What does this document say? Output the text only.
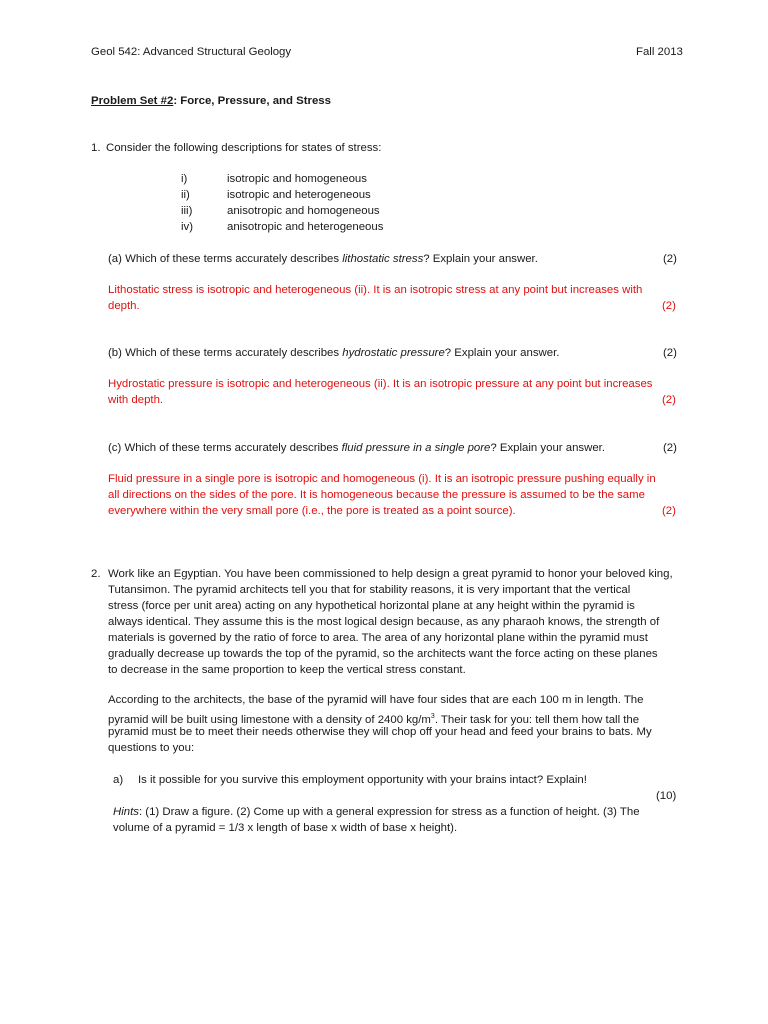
Geol 542: Advanced Structural Geology	Fall 2013
Problem Set #2: Force, Pressure, and Stress
1. Consider the following descriptions for states of stress:
i)	isotropic and homogeneous
ii)	isotropic and heterogeneous
iii)	anisotropic and homogeneous
iv)	anisotropic and heterogeneous
(a) Which of these terms accurately describes lithostatic stress? Explain your answer.	(2)
Lithostatic stress is isotropic and heterogeneous (ii). It is an isotropic stress at any point but increases with
depth.	(2)
(b) Which of these terms accurately describes hydrostatic pressure? Explain your answer.	(2)
Hydrostatic pressure is isotropic and heterogeneous (ii). It is an isotropic pressure at any point but increases
with depth.	(2)
(c) Which of these terms accurately describes fluid pressure in a single pore? Explain your answer.	(2)
Fluid pressure in a single pore is isotropic and homogeneous (i). It is an isotropic pressure pushing equally in
all directions on the sides of the pore. It is homogeneous because the pressure is assumed to be the same
everywhere within the very small pore (i.e., the pore is treated as a point source).	(2)
2. Work like an Egyptian. You have been commissioned to help design a great pyramid to honor your beloved king,
Tutansimon. The pyramid architects tell you that for stability reasons, it is very important that the vertical
stress (force per unit area) acting on any hypothetical horizontal plane at any height within the pyramid is
always identical. They assume this is the most logical design because, as any pharaoh knows, the strength of
materials is governed by the ratio of force to area. The area of any horizontal plane within the pyramid must
gradually decrease up towards the top of the pyramid, so the architects want the force acting on these planes
to decrease in the same proportion to keep the vertical stress constant.
According to the architects, the base of the pyramid will have four sides that are each 100 m in length. The
pyramid will be built using limestone with a density of 2400 $kg/m^3$. Their task for you: tell them how tall the
pyramid must be to meet their needs otherwise they will chop off your head and feed your brains to bats. My
questions to you:
a) Is it possible for you survive this employment opportunity with your brains intact? Explain!
(10)
Hints: (1) Draw a figure. (2) Come up with a general expression for stress as a function of height. (3) The
volume of a pyramid = 1/3 x length of base x width of base x height).
